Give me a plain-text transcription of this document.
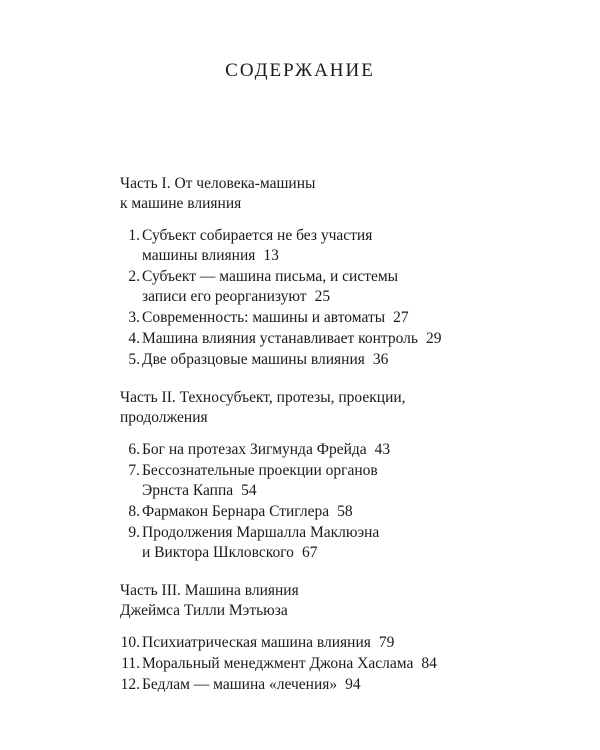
СОДЕРЖАНИЕ
Часть I. От человека-машины
к машине влияния
1. Субъект собирается не без участия
машины влияния 13
2. Субъект — машина письма, и системы
записи его реорганизуют 25
3. Современность: машины и автоматы 27
4. Машина влияния устанавливает контроль 29
5. Две образцовые машины влияния 36
Часть II. Техносубъект, протезы, проекции,
продолжения
6. Бог на протезах Зигмунда Фрейда 43
7. Бессознательные проекции органов
Эрнста Каппа 54
8. Фармакон Бернара Стиглера 58
9. Продолжения Маршалла Маклюэна
и Виктора Шкловского 67
Часть III. Машина влияния
Джеймса Тилли Мэтьюза
10. Психиатрическая машина влияния 79
11. Моральный менеджмент Джона Хаслама 84
12. Бедлам — машина «лечения» 94
